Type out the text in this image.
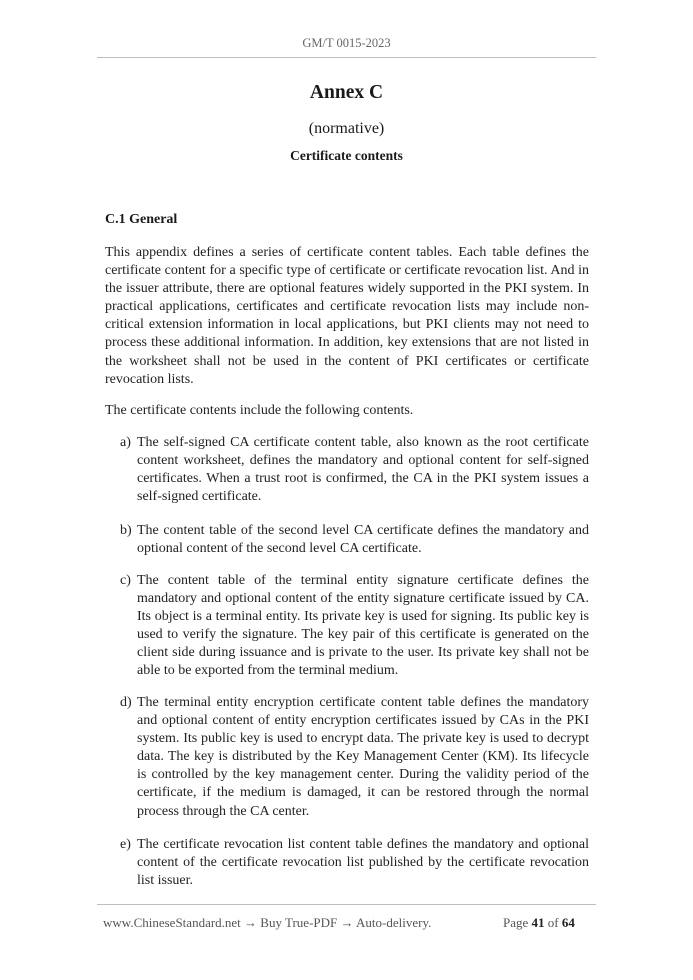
GM/T 0015-2023
Annex C
(normative)
Certificate contents
C.1 General

This appendix defines a series of certificate content tables. Each table defines the certificate content for a specific type of certificate or certificate revocation list. And in the issuer attribute, there are optional features widely supported in the PKI system. In practical applications, certificates and certificate revocation lists may include non-critical extension information in local applications, but PKI clients may not need to process these additional information. In addition, key extensions that are not listed in the worksheet shall not be used in the content of PKI certificates or certificate revocation lists.

The certificate contents include the following contents.

a) The self-signed CA certificate content table, also known as the root certificate content worksheet, defines the mandatory and optional content for self-signed certificates. When a trust root is confirmed, the CA in the PKI system issues a self-signed certificate.
b) The content table of the second level CA certificate defines the mandatory and optional content of the second level CA certificate.
c) The content table of the terminal entity signature certificate defines the mandatory and optional content of the entity signature certificate issued by CA. Its object is a terminal entity. Its private key is used for signing. Its public key is used to verify the signature. The key pair of this certificate is generated on the client side during issuance and is private to the user. Its private key shall not be able to be exported from the terminal medium.
d) The terminal entity encryption certificate content table defines the mandatory and optional content of entity encryption certificates issued by CAs in the PKI system. Its public key is used to encrypt data. The private key is used to decrypt data. The key is distributed by the Key Management Center (KM). Its lifecycle is controlled by the key management center. During the validity period of the certificate, if the medium is damaged, it can be restored through the normal process through the CA center.
e) The certificate revocation list content table defines the mandatory and optional content of the certificate revocation list published by the certificate revocation list issuer.
www.ChineseStandard.net → Buy True-PDF → Auto-delivery.	Page 41 of 64
